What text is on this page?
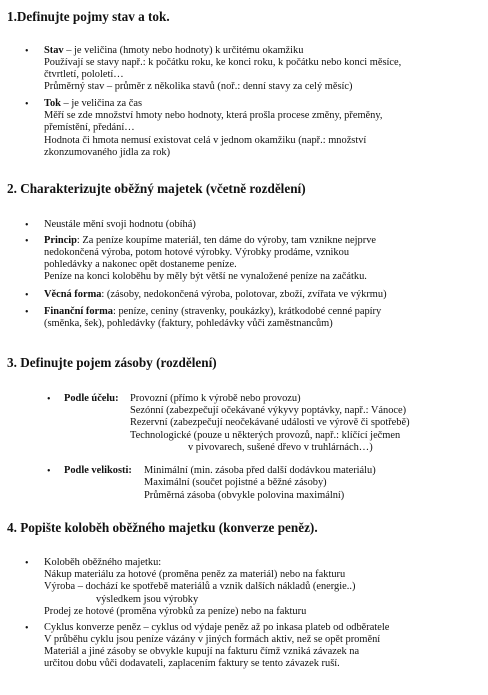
1.Definujte pojmy stav a tok.
• Stav – je veličina (hmoty nebo hodnoty) k určitému okamžiku
Používají se stavy např.: k počátku roku, ke konci roku, k počátku nebo konci měsíce,
čtvrtletí, pololetí…
Průměrný stav – průměr z několika stavů (noř.: denní stavy za celý měsíc)
• Tok – je veličina za čas
Měří se zde množství hmoty nebo hodnoty, která prošla procese změny, přeměny,
přemístění, předání…
Hodnota či hmota nemusí existovat celá v jednom okamžiku (např.: množství
zkonzumovaného jídla za rok)
2. Charakterizujte oběžný majetek (včetně rozdělení)
• Neustále mění svoji hodnotu (obíhá)
• Princip: Za peníze koupíme materiál, ten dáme do výroby, tam vznikne nejprve
nedokončená výroba, potom hotové výrobky. Výrobky prodáme, vznikou
pohledávky a nakonec opět dostaneme peníze.
Peníze na konci koloběhu by měly být větší ne vynaložené peníze na začátku.
• Věcná forma: (zásoby, nedokončená výroba, polotovar, zboží, zvířata ve výkrmu)
• Finanční forma: peníze, ceniny (stravenky, poukázky), krátkodobé cenné papíry
(směnka, šek), pohledávky (faktury, pohledávky vůči zaměstnancům)
3. Definujte pojem zásoby (rozdělení)
• Podle účelu: Provozní (přímo k výrobě nebo provozu)
Sezónní (zabezpečují očekávané výkyvy poptávky, např.: Vánoce)
Rezervní (zabezpečují neočekávané události ve výrově či spotřebě)
Technologické (pouze u některých provozů, např.: klíčící ječmen
v pivovarech, sušené dřevo v truhlárnách…)
• Podle velikosti: Minimální (min. zásoba před další dodávkou materiálu)
Maximální (součet pojistné a běžné zásoby)
Průměrná zásoba (obvykle polovina maximální)
4. Popište koloběh oběžného majetku (konverze peněz).
• Koloběh oběžného majetku:
Nákup materiálu za hotové (proměna peněz za materiál) nebo na fakturu
Výroba – dochází ke spotřebě materiálů a vznik dalších nákladů (energie..)
výsledkem jsou výrobky
Prodej ze hotové (proměna výrobků za peníze) nebo na fakturu
• Cyklus konverze peněz – cyklus od výdaje peněz až po inkasa plateb od odběratele
V průběhu cyklu jsou peníze vázány v jiných formách aktiv, než se opět promění
Materiál a jiné zásoby se obvykle kupují na fakturu čímž vzniká závazek na
určitou dobu vůči dodavateli, zaplacením faktury se tento závazek ruší.
